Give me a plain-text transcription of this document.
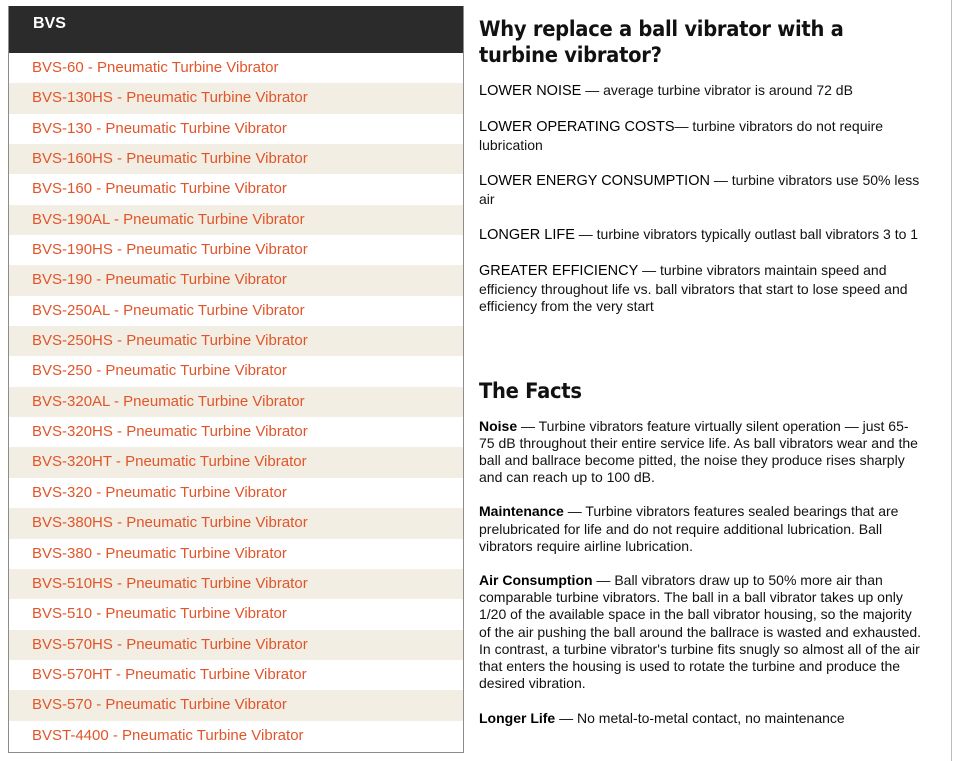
BVS
BVS-60 - Pneumatic Turbine Vibrator
BVS-130HS - Pneumatic Turbine Vibrator
BVS-130 - Pneumatic Turbine Vibrator
BVS-160HS - Pneumatic Turbine Vibrator
BVS-160 - Pneumatic Turbine Vibrator
BVS-190AL - Pneumatic Turbine Vibrator
BVS-190HS - Pneumatic Turbine Vibrator
BVS-190 - Pneumatic Turbine Vibrator
BVS-250AL - Pneumatic Turbine Vibrator
BVS-250HS - Pneumatic Turbine Vibrator
BVS-250 - Pneumatic Turbine Vibrator
BVS-320AL - Pneumatic Turbine Vibrator
BVS-320HS - Pneumatic Turbine Vibrator
BVS-320HT - Pneumatic Turbine Vibrator
BVS-320 - Pneumatic Turbine Vibrator
BVS-380HS - Pneumatic Turbine Vibrator
BVS-380 - Pneumatic Turbine Vibrator
BVS-510HS - Pneumatic Turbine Vibrator
BVS-510 - Pneumatic Turbine Vibrator
BVS-570HS - Pneumatic Turbine Vibrator
BVS-570HT - Pneumatic Turbine Vibrator
BVS-570 - Pneumatic Turbine Vibrator
BVST-4400 - Pneumatic Turbine Vibrator
Why replace a ball vibrator with a turbine vibrator?

LOWER NOISE — average turbine vibrator is around 72 dB

LOWER OPERATING COSTS— turbine vibrators do not require lubrication

LOWER ENERGY CONSUMPTION — turbine vibrators use 50% less air

LONGER LIFE — turbine vibrators typically outlast ball vibrators 3 to 1

GREATER EFFICIENCY — turbine vibrators maintain speed and efficiency throughout life vs. ball vibrators that start to lose speed and efficiency from the very start

The Facts

Noise — Turbine vibrators feature virtually silent operation — just 65-75 dB throughout their entire service life. As ball vibrators wear and the ball and ballrace become pitted, the noise they produce rises sharply and can reach up to 100 dB.

Maintenance — Turbine vibrators features sealed bearings that are prelubricated for life and do not require additional lubrication. Ball vibrators require airline lubrication.

Air Consumption — Ball vibrators draw up to 50% more air than comparable turbine vibrators. The ball in a ball vibrator takes up only 1/20 of the available space in the ball vibrator housing, so the majority of the air pushing the ball around the ballrace is wasted and exhausted. In contrast, a turbine vibrator's turbine fits snugly so almost all of the air that enters the housing is used to rotate the turbine and produce the desired vibration.

Longer Life — No metal-to-metal contact, no maintenance
